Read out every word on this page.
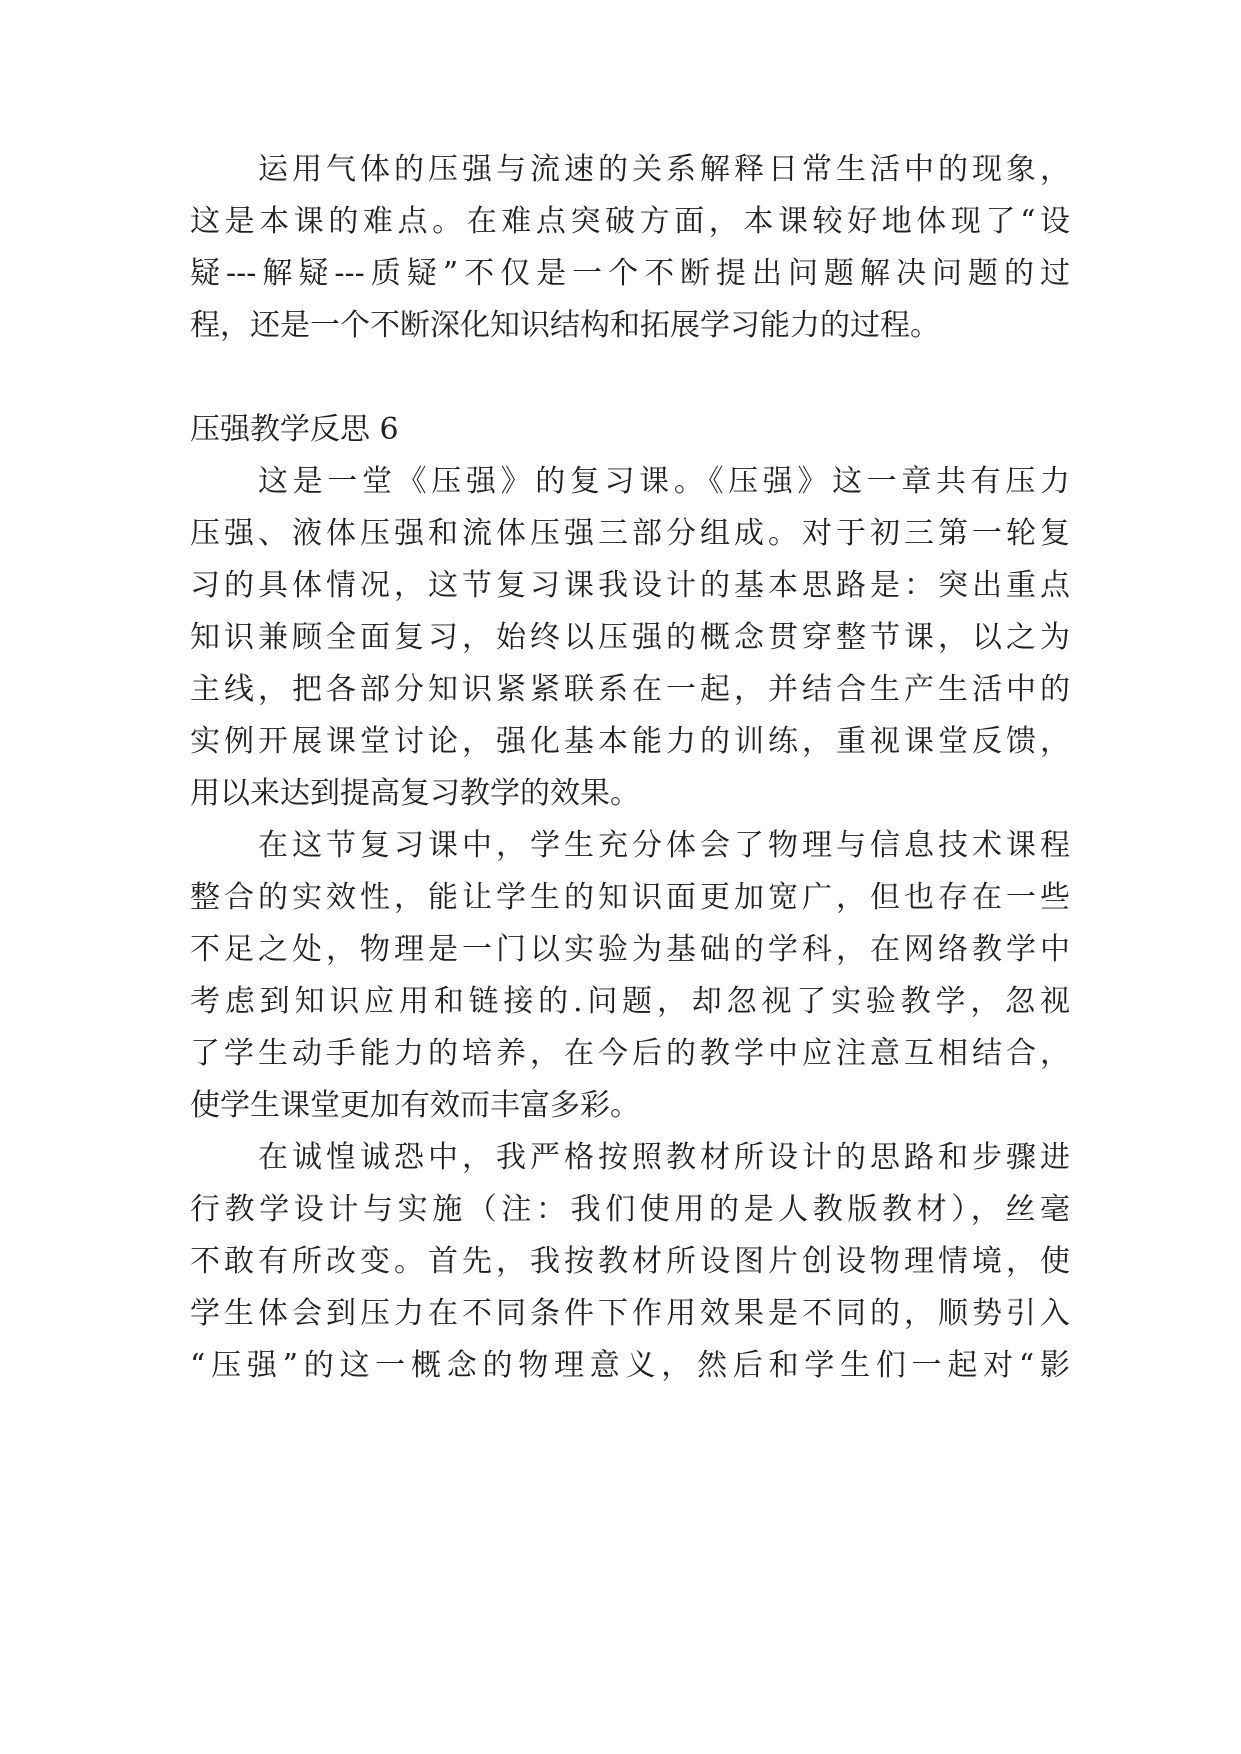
运用气体的压强与流速的关系解释日常生活中的现象，
这是本课的难点。在难点突破方面，本课较好地体现了“设
疑---解疑---质疑”不仅是一个不断提出问题解决问题的过
程，还是一个不断深化知识结构和拓展学习能力的过程。
压强教学反思 6
这是一堂《压强》的复习课。《压强》这一章共有压力
压强、液体压强和流体压强三部分组成。对于初三第一轮复
习的具体情况，这节复习课我设计的基本思路是：突出重点
知识兼顾全面复习，始终以压强的概念贯穿整节课，以之为
主线，把各部分知识紧紧联系在一起，并结合生产生活中的
实例开展课堂讨论，强化基本能力的训练，重视课堂反馈，
用以来达到提高复习教学的效果。
在这节复习课中，学生充分体会了物理与信息技术课程
整合的实效性，能让学生的知识面更加宽广，但也存在一些
不足之处，物理是一门以实验为基础的学科，在网络教学中
考虑到知识应用和链接的.问题，却忽视了实验教学，忽视
了学生动手能力的培养，在今后的教学中应注意互相结合，
使学生课堂更加有效而丰富多彩。
在诚惶诚恐中，我严格按照教材所设计的思路和步骤进
行教学设计与实施（注：我们使用的是人教版教材），丝毫
不敢有所改变。首先，我按教材所设图片创设物理情境，使
学生体会到压力在不同条件下作用效果是不同的，顺势引入
“压强”的这一概念的物理意义，然后和学生们一起对“影
